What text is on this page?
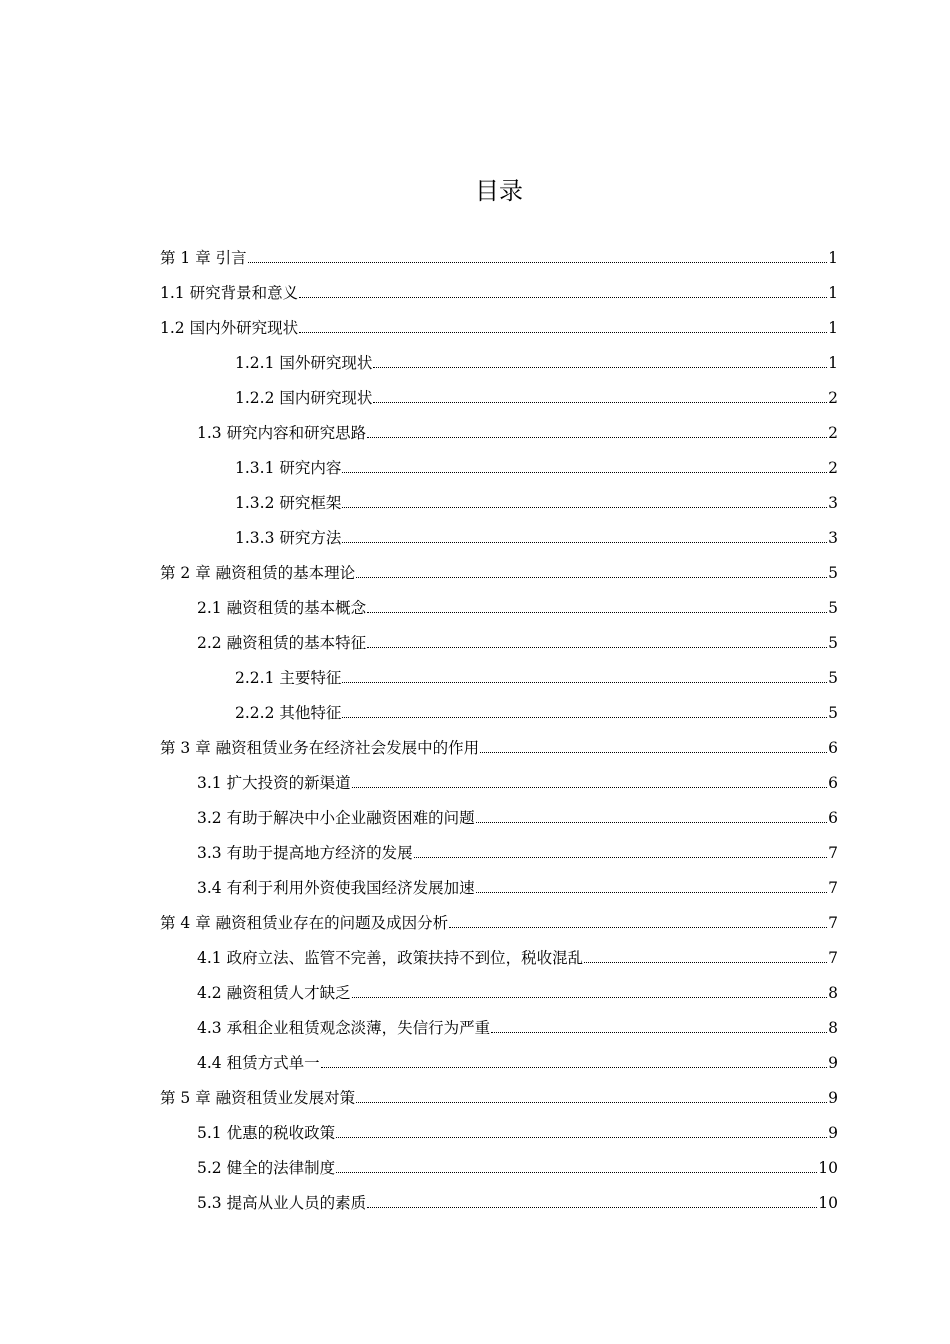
目录
第 1 章 引言	1
1.1 研究背景和意义	1
1.2 国内外研究现状	1
1.2.1 国外研究现状	1
1.2.2 国内研究现状	2
1.3 研究内容和研究思路	2
1.3.1 研究内容	2
1.3.2 研究框架	3
1.3.3 研究方法	3
第 2 章 融资租赁的基本理论	5
2.1 融资租赁的基本概念	5
2.2 融资租赁的基本特征	5
2.2.1 主要特征	5
2.2.2 其他特征	5
第 3 章 融资租赁业务在经济社会发展中的作用	6
3.1 扩大投资的新渠道	6
3.2 有助于解决中小企业融资困难的问题	6
3.3 有助于提高地方经济的发展	7
3.4 有利于利用外资使我国经济发展加速	7
第 4 章 融资租赁业存在的问题及成因分析	7
4.1 政府立法、监管不完善，政策扶持不到位，税收混乱	7
4.2 融资租赁人才缺乏	8
4.3 承租企业租赁观念淡薄，失信行为严重	8
4.4 租赁方式单一	9
第 5 章 融资租赁业发展对策	9
5.1 优惠的税收政策	9
5.2 健全的法律制度	10
5.3 提高从业人员的素质	10
